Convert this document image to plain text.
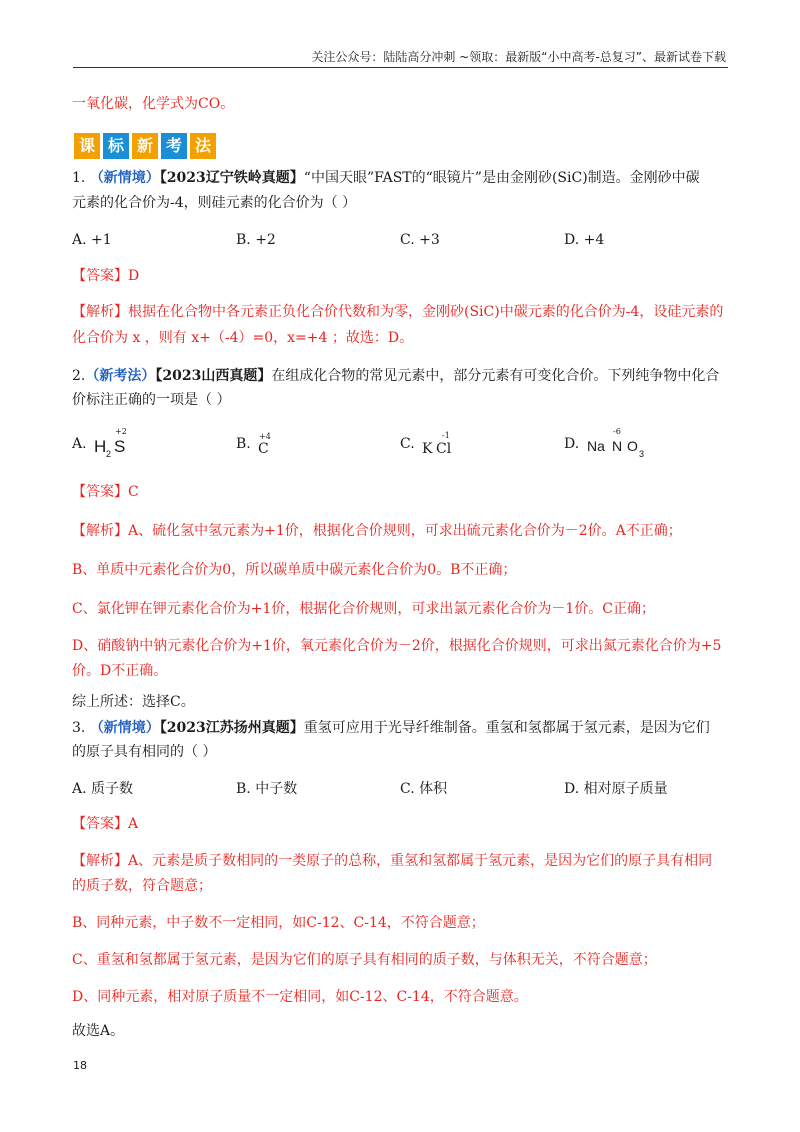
关注公众号：陆陆高分冲刺 ~领取：最新版“小中高考-总复习”、最新试卷下载
一氧化碳，化学式为CO。
课 标 新 考 法
1. （新情境）【2023辽宁铁岭真题】“中国天眼”FAST的“眼镜片”是由金刚砂(SiC)制造。金刚砂中碳
元素的化合价为-4，则硅元素的化合价为（ ）
A. +1	B. +2	C. +3	D. +4
【答案】D
【解析】根据在化合物中各元素正负化合价代数和为零，金刚砂(SiC)中碳元素的化合价为-4，设硅元素的
化合价为 x ，则有 x+（-4）=0，x=+4 ；故选：D。
2.（新考法）【2023山西真题】在组成化合物的常见元素中，部分元素有可变化合价。下列纯争物中化合
价标注正确的一项是（ ）
A. H 2 S
+2
B. +4
C	C. K
-1
Cl	D. Na
-6
N O 3
【答案】C
【解析】A、硫化氢中氢元素为+1价，根据化合价规则，可求出硫元素化合价为－2价。A不正确；
B、单质中元素化合价为0，所以碳单质中碳元素化合价为0。B不正确；
C、氯化钾在钾元素化合价为+1价，根据化合价规则，可求出氯元素化合价为－1价。C正确；
D、硝酸钠中钠元素化合价为+1价，氧元素化合价为－2价，根据化合价规则，可求出氮元素化合价为+5
价。D不正确。
综上所述：选择C。
3. （新情境）【2023江苏扬州真题】重氢可应用于光导纤维制备。重氢和氢都属于氢元素，是因为它们
的原子具有相同的（ ）
A. 质子数	B. 中子数	C. 体积	D. 相对原子质量
【答案】A
【解析】A、元素是质子数相同的一类原子的总称，重氢和氢都属于氢元素，是因为它们的原子具有相同
的质子数，符合题意；
B、同种元素，中子数不一定相同，如C-12、C-14，不符合题意；
C、重氢和氢都属于氢元素，是因为它们的原子具有相同的质子数，与体积无关，不符合题意；
D、同种元素，相对原子质量不一定相同，如C-12、C-14，不符合题意。
故选A。
18
